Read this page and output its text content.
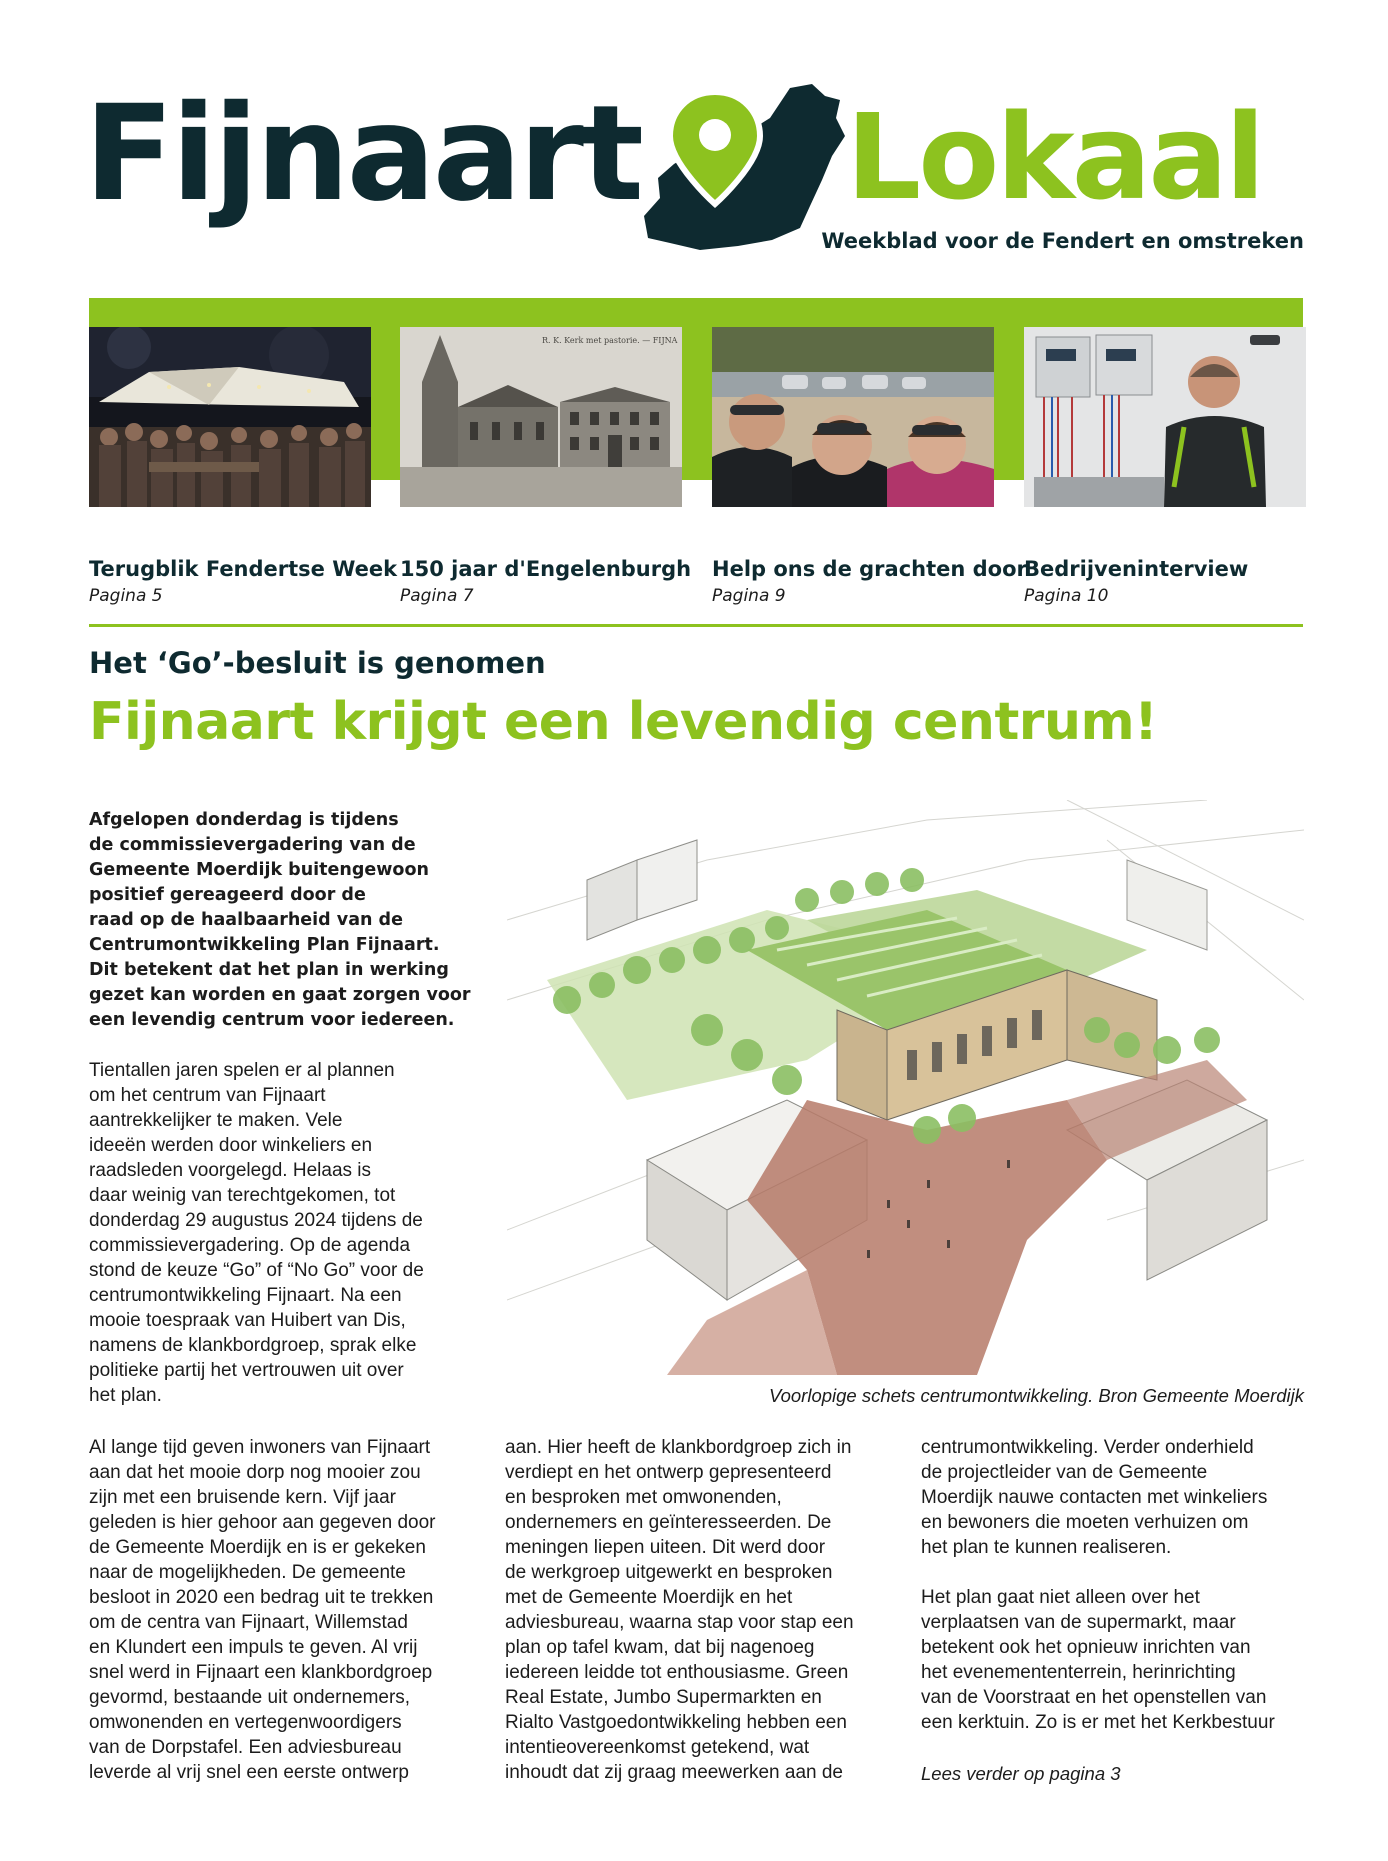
Fijnaart Lokaal
Weekblad voor de Fendert en omstreken
R. K. Kerk met pastorie. — FIJNA
Terugblik Fendertse Week
Pagina 5
150 jaar d'Engelenburgh
Pagina 7
Help ons de grachten door
Pagina 9
Bedrijveninterview
Pagina 10
Het ‘Go’-besluit is genomen
Fijnaart krijgt een levendig centrum!

Afgelopen donderdag is tijdens

de commissievergadering van de

Gemeente Moerdijk buitengewoon

positief gereageerd door de

raad op de haalbaarheid van de

Centrumontwikkeling Plan Fijnaart.

Dit betekent dat het plan in werking

gezet kan worden en gaat zorgen voor

een levendig centrum voor iedereen.

Tientallen jaren spelen er al plannen

om het centrum van Fijnaart

aantrekkelijker te maken. Vele

ideeën werden door winkeliers en

raadsleden voorgelegd. Helaas is

daar weinig van terechtgekomen, tot

donderdag 29 augustus 2024 tijdens de

commissievergadering. Op de agenda

stond de keuze “Go” of “No Go” voor de

centrumontwikkeling Fijnaart. Na een

mooie toespraak van Huibert van Dis,

namens de klankbordgroep, sprak elke

politieke partij het vertrouwen uit over

het plan.	Voorlopige schets centrumontwikkeling. Bron Gemeente Moerdijk

Al lange tijd geven inwoners van Fijnaart

aan dat het mooie dorp nog mooier zou

zijn met een bruisende kern. Vijf jaar

geleden is hier gehoor aan gegeven door

de Gemeente Moerdijk en is er gekeken

naar de mogelijkheden. De gemeente

besloot in 2020 een bedrag uit te trekken

om de centra van Fijnaart, Willemstad

en Klundert een impuls te geven. Al vrij

snel werd in Fijnaart een klankbordgroep

gevormd, bestaande uit ondernemers,

omwonenden en vertegenwoordigers

van de Dorpstafel. Een adviesbureau

leverde al vrij snel een eerste ontwerp

aan. Hier heeft de klankbordgroep zich in

verdiept en het ontwerp gepresenteerd

en besproken met omwonenden,

ondernemers en geïnteresseerden. De

meningen liepen uiteen. Dit werd door

de werkgroep uitgewerkt en besproken

met de Gemeente Moerdijk en het

adviesbureau, waarna stap voor stap een

plan op tafel kwam, dat bij nagenoeg

iedereen leidde tot enthousiasme. Green

Real Estate, Jumbo Supermarkten en

Rialto Vastgoedontwikkeling hebben een

intentieovereenkomst getekend, wat

inhoudt dat zij graag meewerken aan de

centrumontwikkeling. Verder onderhield

de projectleider van de Gemeente

Moerdijk nauwe contacten met winkeliers

en bewoners die moeten verhuizen om

het plan te kunnen realiseren.

Het plan gaat niet alleen over het

verplaatsen van de supermarkt, maar

betekent ook het opnieuw inrichten van

het evenemententerrein, herinrichting

van de Voorstraat en het openstellen van

een kerktuin. Zo is er met het Kerkbestuur

Lees verder op pagina 3
